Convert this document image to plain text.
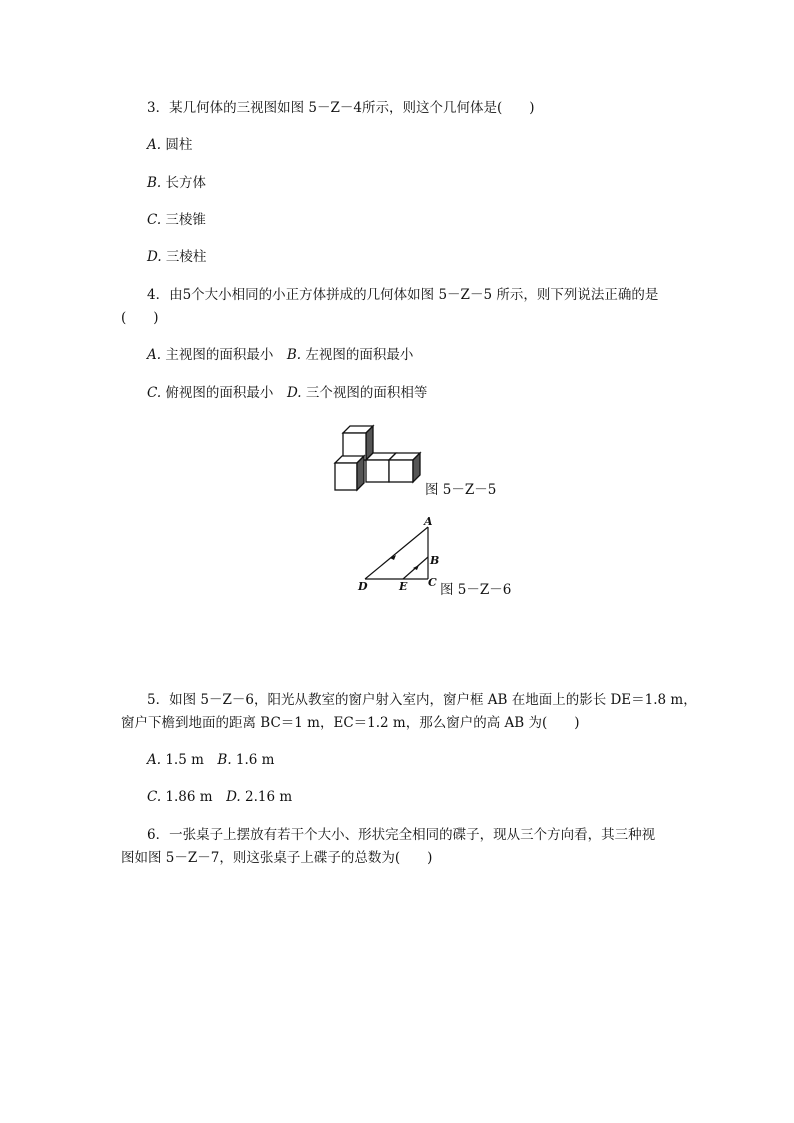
3．某几何体的三视图如图 5－Z－4所示，则这个几何体是(　　)
A. 圆柱
B. 长方体
C. 三棱锥
D. 三棱柱
4．由5个大小相同的小正方体拼成的几何体如图 5－Z－5 所示，则下列说法正确的是
(　　)
A. 主视图的面积最小　B. 左视图的面积最小
C. 俯视图的面积最小　D. 三个视图的面积相等
图 5－Z－5
A
B
C
D	E 图 5－Z－6
5．如图 5－Z－6，阳光从教室的窗户射入室内，窗户框 AB 在地面上的影长 DE＝1.8 m，
窗户下檐到地面的距离 BC＝1 m，EC＝1.2 m，那么窗户的高 AB 为(　　)
A. 1.5 m　B. 1.6 m
C. 1.86 m　D. 2.16 m
6．一张桌子上摆放有若干个大小、形状完全相同的碟子，现从三个方向看，其三种视
图如图 5－Z－7，则这张桌子上碟子的总数为(　　)
